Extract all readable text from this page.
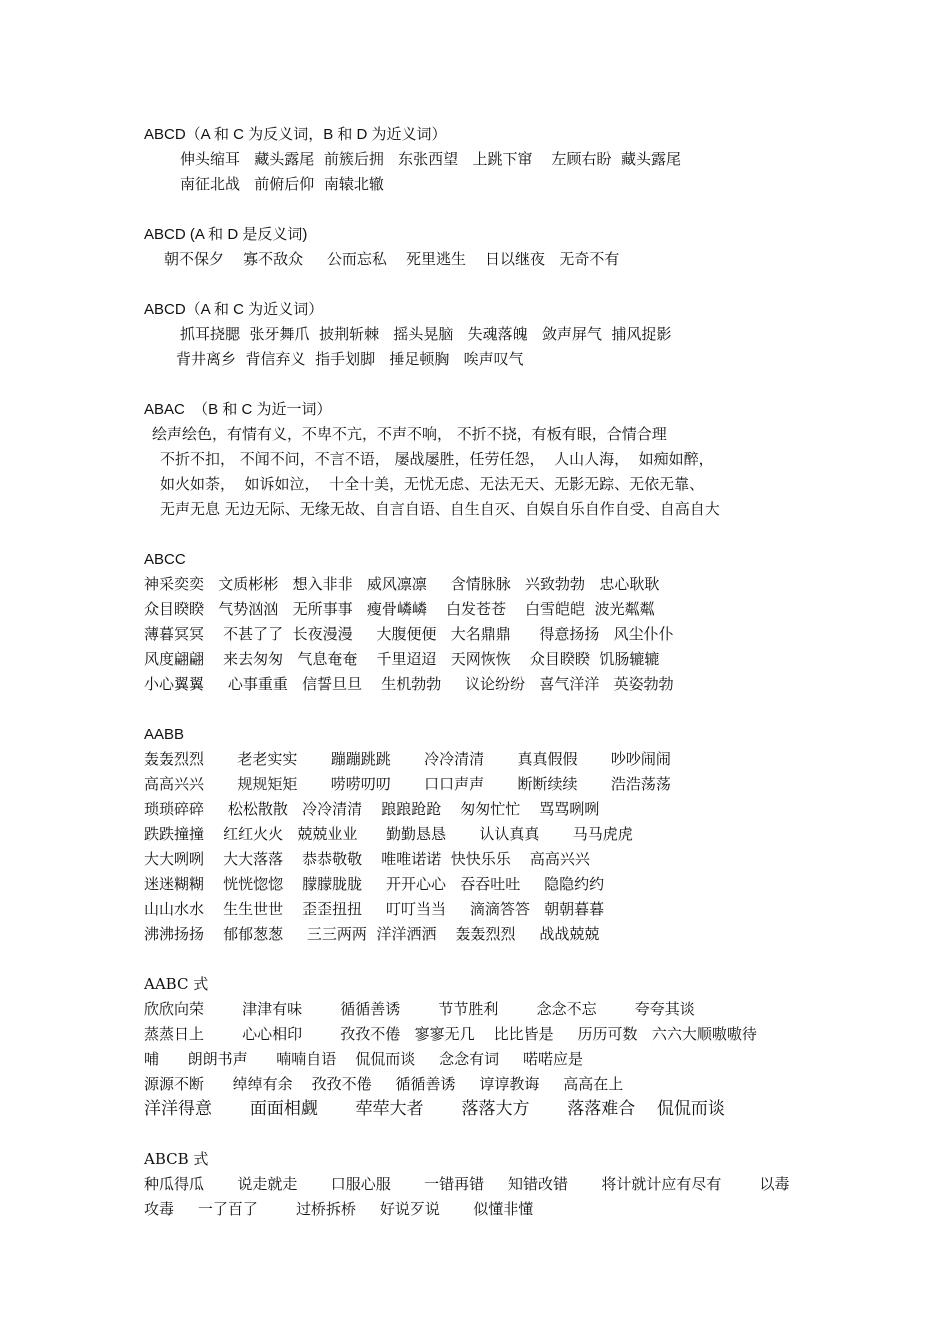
ABCD（A 和 C 为反义词，B 和 D 为近义词）
伸头缩耳   藏头露尾  前簇后拥   东张西望   上跳下窜    左顾右盼  藏头露尾
南征北战   前俯后仰  南辕北辙
ABCD (A 和 D 是反义词)
朝不保夕    寡不敌众     公而忘私    死里逃生    日以继夜   无奇不有
ABCD（A 和 C 为近义词）
抓耳挠腮  张牙舞爪  披荆斩棘   摇头晃脑   失魂落魄   敛声屏气  捕风捉影
背井离乡  背信弃义  指手划脚   捶足顿胸   唉声叹气
ABAC  （B 和 C 为近一词）
绘声绘色，有情有义，不卑不亢，不声不响， 不折不挠，有板有眼，合情合理
不折不扣， 不闻不问，不言不语， 屡战屡胜，任劳任怨，  人山人海，  如痴如醉，
如火如荼，  如诉如泣，  十全十美，无忧无虑、无法无天、无影无踪、无依无靠、
无声无息 无边无际、无缘无故、自言自语、自生自灭、自娱自乐自作自受、自高自大
ABCC
神采奕奕   文质彬彬   想入非非   威风凛凛     含情脉脉   兴致勃勃   忠心耿耿
众目睽睽   气势汹汹   无所事事   瘦骨嶙嶙    白发苍苍    白雪皑皑  波光粼粼
薄暮冥冥    不甚了了  长夜漫漫     大腹便便   大名鼎鼎      得意扬扬   风尘仆仆
风度翩翩    来去匆匆   气息奄奄    千里迢迢   天网恢恢    众目睽睽  饥肠辘辘
小心翼翼     心事重重   信誓旦旦    生机勃勃     议论纷纷   喜气洋洋   英姿勃勃
AABB
轰轰烈烈       老老实实       蹦蹦跳跳       冷冷清清       真真假假       吵吵闹闹
高高兴兴       规规矩矩       唠唠叨叨       口口声声       断断续续       浩浩荡荡
琐琐碎碎     松松散散   冷冷清清    踉踉跄跄    匆匆忙忙    骂骂咧咧
跌跌撞撞    红红火火   兢兢业业      勤勤恳恳       认认真真       马马虎虎
大大咧咧    大大落落    恭恭敬敬    唯唯诺诺  快快乐乐    高高兴兴
迷迷糊糊    恍恍惚惚    朦朦胧胧     开开心心   吞吞吐吐     隐隐约约
山山水水    生生世世    歪歪扭扭     叮叮当当     滴滴答答   朝朝暮暮
沸沸扬扬    郁郁葱葱     三三两两  洋洋洒洒    轰轰烈烈     战战兢兢
AABC 式
欣欣向荣        津津有味        循循善诱        节节胜利        念念不忘        夸夸其谈
蒸蒸日上        心心相印        孜孜不倦   寥寥无几    比比皆是     历历可数   六六大顺嗷嗷待
哺      朗朗书声      喃喃自语    侃侃而谈     念念有词     喏喏应是
源源不断      绰绰有余    孜孜不倦     循循善诱     谆谆教诲     高高在上
洋洋得意       面面相觑       荦荦大者       落落大方       落落难合    侃侃而谈
ABCB 式
种瓜得瓜       说走就走       口服心服       一错再错     知错改错       将计就计应有尽有        以毒
攻毒     一了百了        过桥拆桥     好说歹说       似懂非懂
